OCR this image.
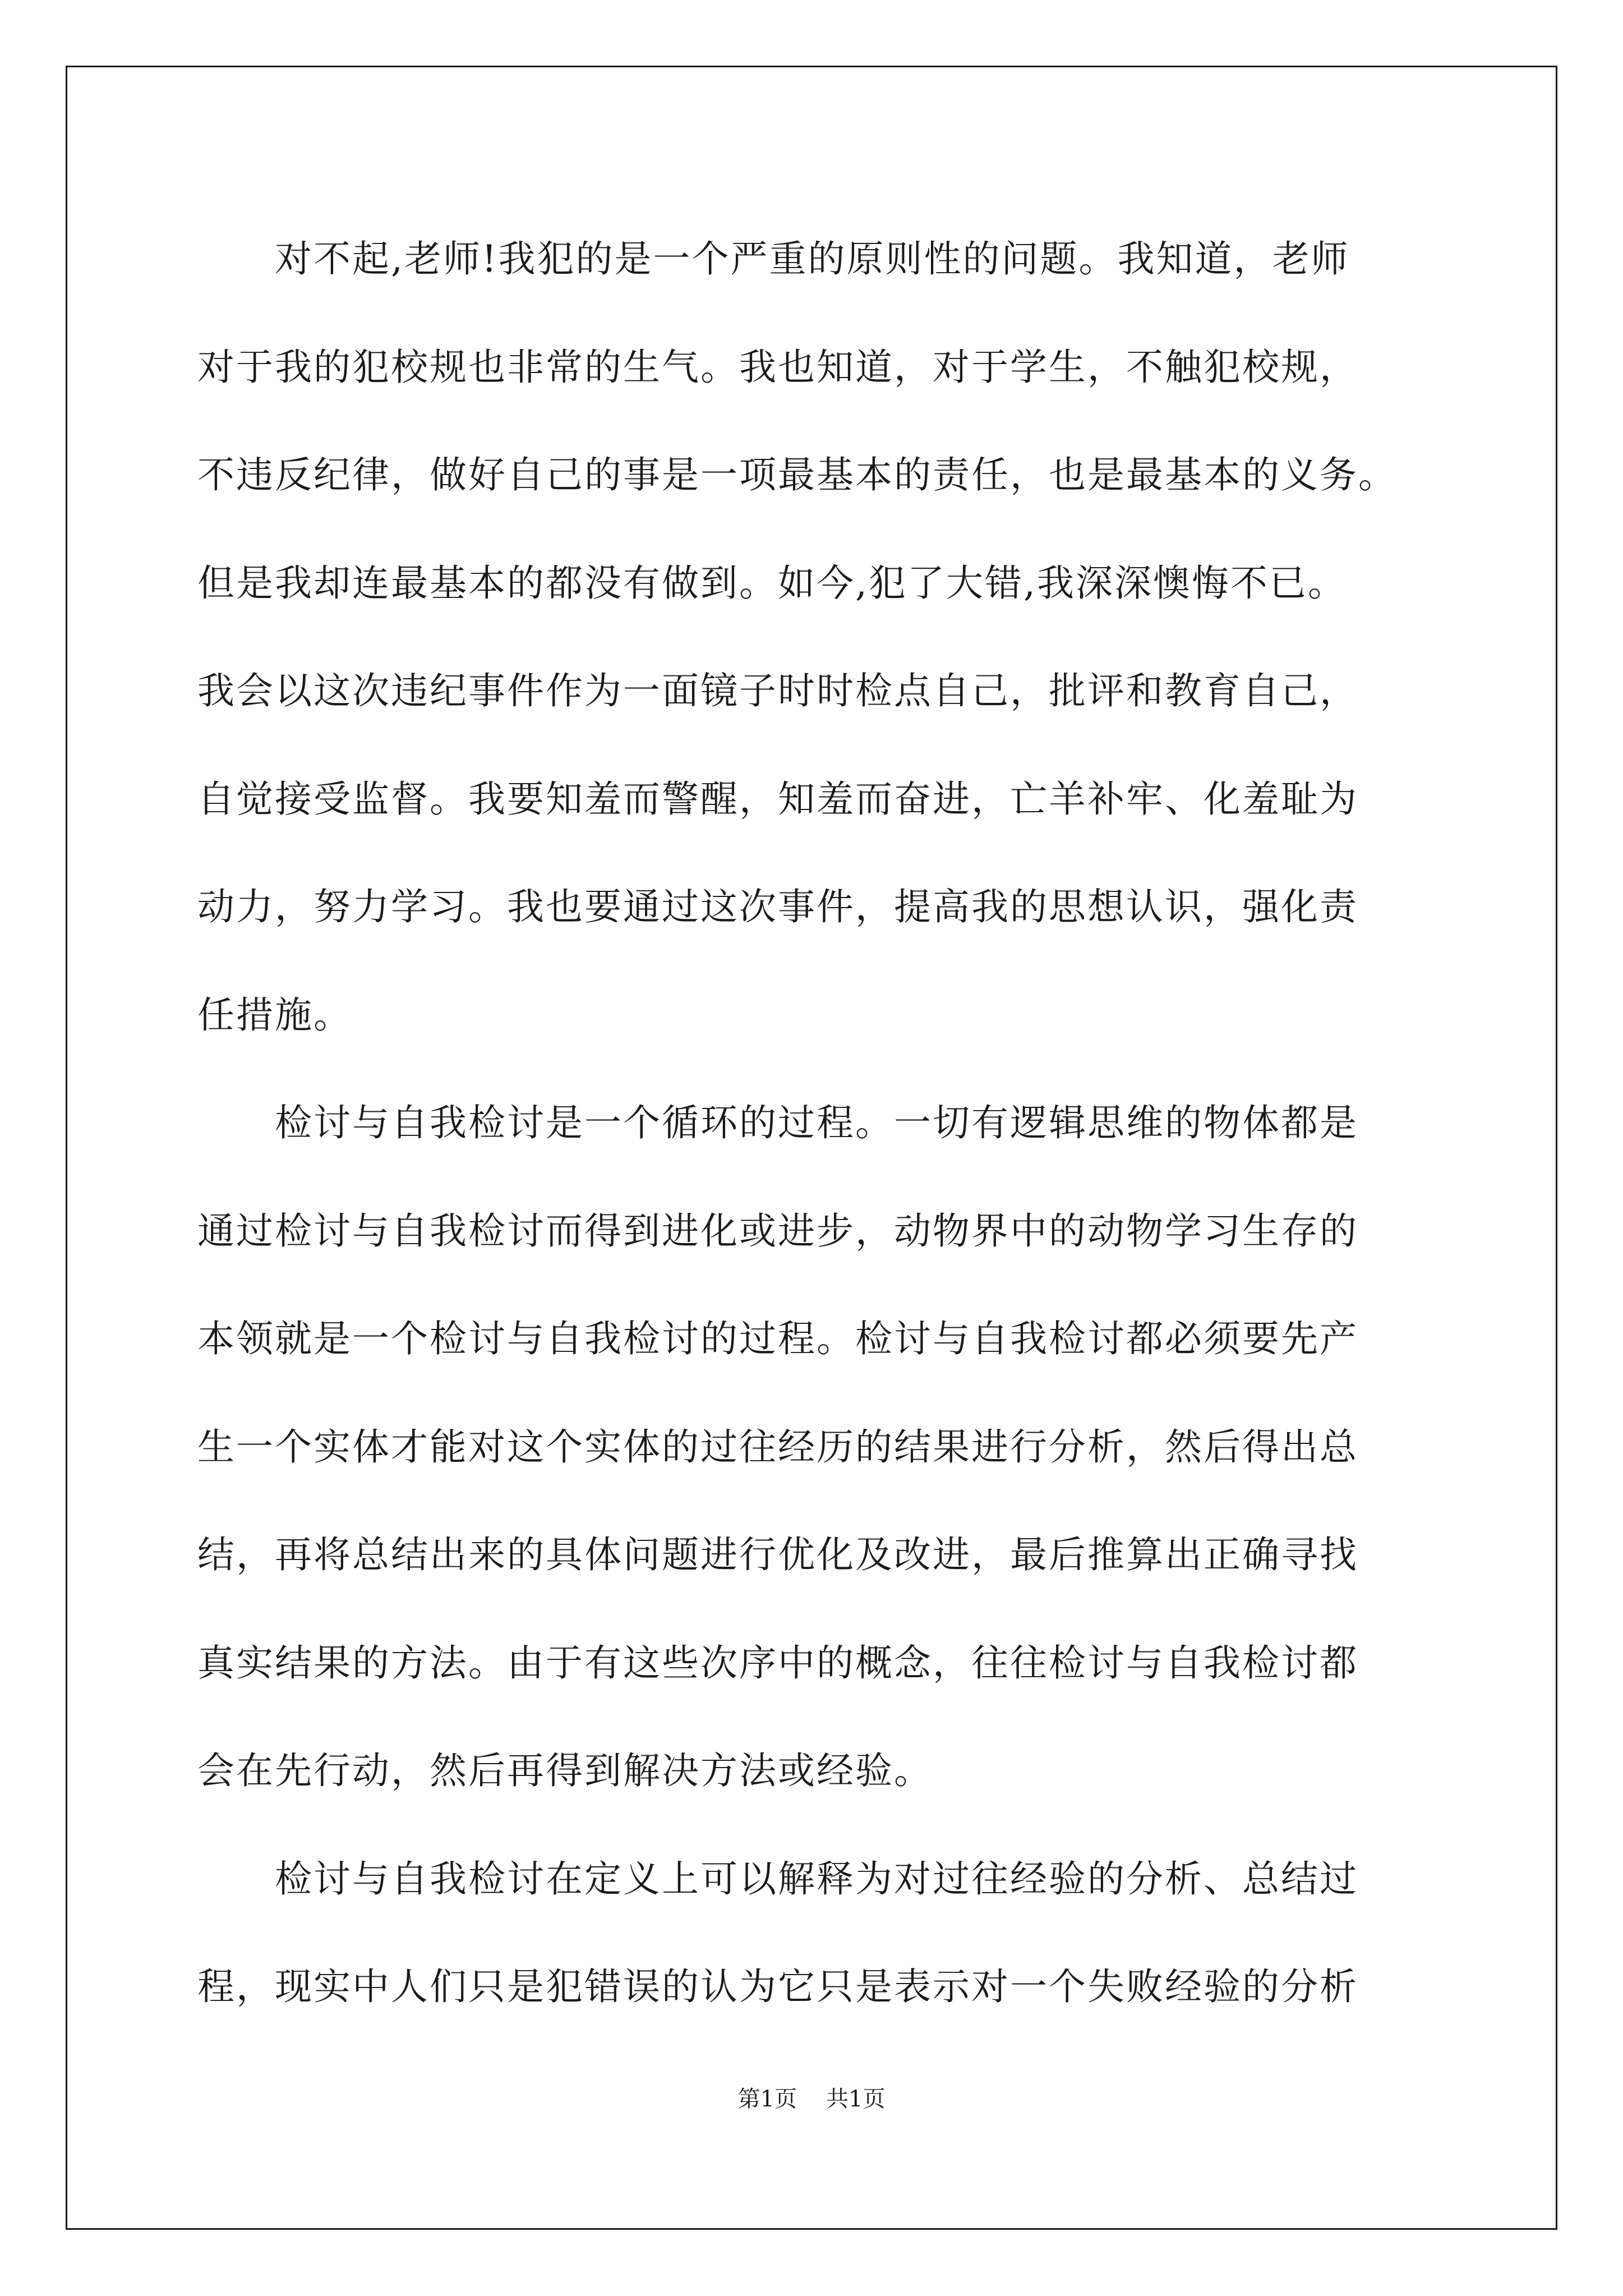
　　对不起,老师!我犯的是一个严重的原则性的问题。我知道，老师
对于我的犯校规也非常的生气。我也知道，对于学生，不触犯校规，
不违反纪律，做好自己的事是一项最基本的责任，也是最基本的义务。
但是我却连最基本的都没有做到。如今,犯了大错,我深深懊悔不已。
我会以这次违纪事件作为一面镜子时时检点自己，批评和教育自己，
自觉接受监督。我要知羞而警醒，知羞而奋进，亡羊补牢、化羞耻为
动力，努力学习。我也要通过这次事件，提高我的思想认识，强化责
任措施。
　　检讨与自我检讨是一个循环的过程。一切有逻辑思维的物体都是
通过检讨与自我检讨而得到进化或进步，动物界中的动物学习生存的
本领就是一个检讨与自我检讨的过程。检讨与自我检讨都必须要先产
生一个实体才能对这个实体的过往经历的结果进行分析，然后得出总
结，再将总结出来的具体问题进行优化及改进，最后推算出正确寻找
真实结果的方法。由于有这些次序中的概念，往往检讨与自我检讨都
会在先行动，然后再得到解决方法或经验。
　　检讨与自我检讨在定义上可以解释为对过往经验的分析、总结过
程，现实中人们只是犯错误的认为它只是表示对一个失败经验的分析
第1页 共1页
